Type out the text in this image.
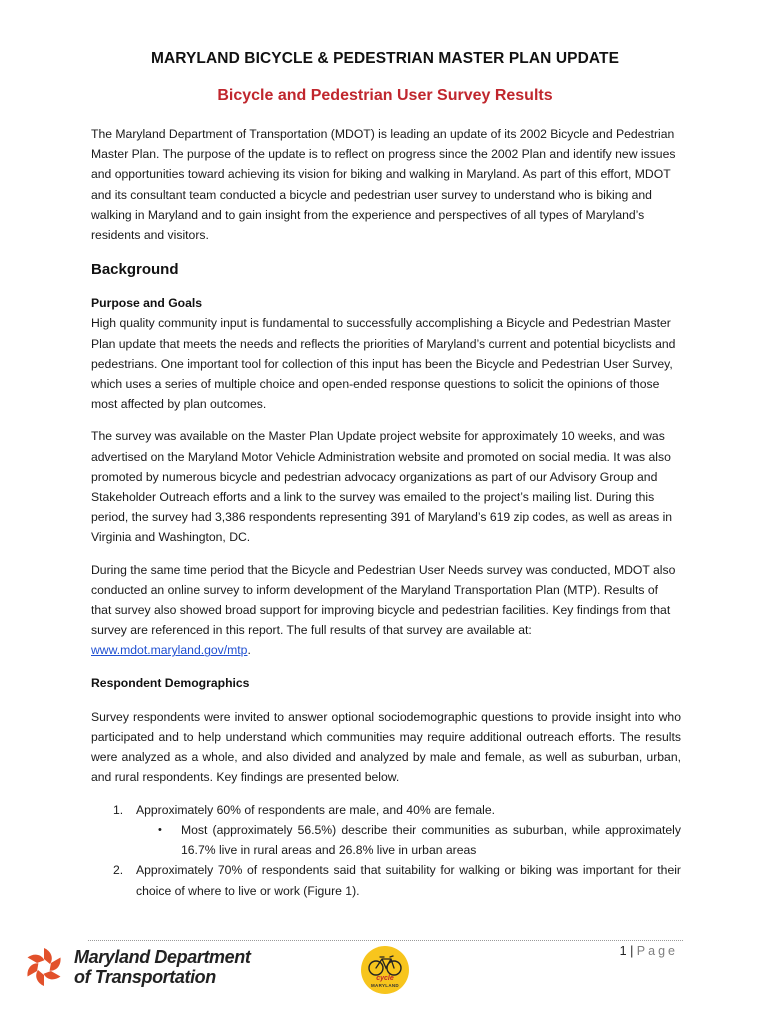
MARYLAND BICYCLE & PEDESTRIAN MASTER PLAN UPDATE
Bicycle and Pedestrian User Survey Results

The Maryland Department of Transportation (MDOT) is leading an update of its 2002 Bicycle and Pedestrian Master Plan. The purpose of the update is to reflect on progress since the 2002 Plan and identify new issues and opportunities toward achieving its vision for biking and walking in Maryland. As part of this effort, MDOT and its consultant team conducted a bicycle and pedestrian user survey to understand who is biking and walking in Maryland and to gain insight from the experience and perspectives of all types of Maryland’s residents and visitors.

Background
Purpose and Goals

High quality community input is fundamental to successfully accomplishing a Bicycle and Pedestrian Master Plan update that meets the needs and reflects the priorities of Maryland’s current and potential bicyclists and pedestrians. One important tool for collection of this input has been the Bicycle and Pedestrian User Survey, which uses a series of multiple choice and open-ended response questions to solicit the opinions of those most affected by plan outcomes.

The survey was available on the Master Plan Update project website for approximately 10 weeks, and was advertised on the Maryland Motor Vehicle Administration website and promoted on social media. It was also promoted by numerous bicycle and pedestrian advocacy organizations as part of our Advisory Group and Stakeholder Outreach efforts and a link to the survey was emailed to the project’s mailing list. During this period, the survey had 3,386 respondents representing 391 of Maryland’s 619 zip codes, as well as areas in Virginia and Washington, DC.

During the same time period that the Bicycle and Pedestrian User Needs survey was conducted, MDOT also conducted an online survey to inform development of the Maryland Transportation Plan (MTP). Results of that survey also showed broad support for improving bicycle and pedestrian facilities. Key findings from that survey are referenced in this report. The full results of that survey are available at: www.mdot.maryland.gov/mtp.

Respondent Demographics

Survey respondents were invited to answer optional sociodemographic questions to provide insight into who participated and to help understand which communities may require additional outreach efforts. The results were analyzed as a whole, and also divided and analyzed by male and female, as well as suburban, urban, and rural respondents. Key findings are presented below.

1. Approximately 60% of respondents are male, and 40% are female.
• Most (approximately 56.5%) describe their communities as suburban, while approximately 16.7% live in rural areas and 26.8% live in urban areas
2. Approximately 70% of respondents said that suitability for walking or biking was important for their choice of where to live or work (Figure 1).
1 | Page
Maryland Department
of Transportation	cycle
MARYLAND
